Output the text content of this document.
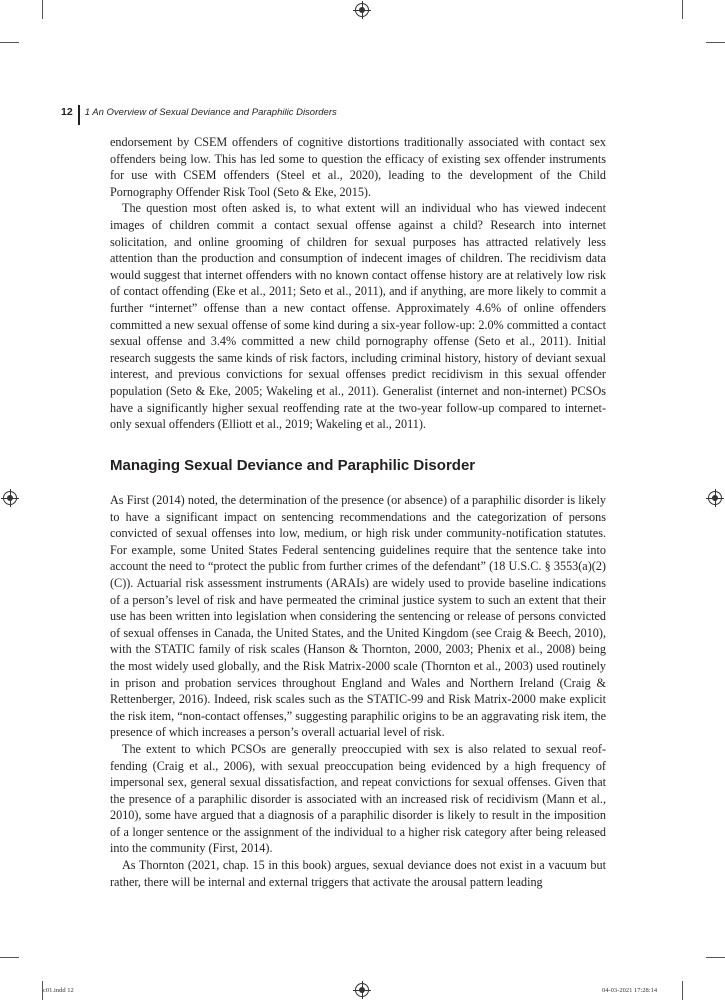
12 1 An Overview of Sexual Deviance and Paraphilic Disorders

endorsement by CSEM offenders of cognitive distortions traditionally associated with contact sex offenders being low. This has led some to question the efficacy of existing sex offender instruments for use with CSEM offenders (Steel et al., 2020), leading to the development of the Child Pornography Offender Risk Tool (Seto & Eke, 2015).

The question most often asked is, to what extent will an individual who has viewed indecent images of children commit a contact sexual offense against a child? Research into internet solicitation, and online grooming of children for sexual purposes has attracted relatively less attention than the production and consumption of indecent images of children. The recidivism data would suggest that internet offenders with no known contact offense history are at relatively low risk of contact offending (Eke et al., 2011; Seto et al., 2011), and if anything, are more likely to commit a further “internet” offense than a new contact offense. Approximately 4.6% of online offenders committed a new sexual offense of some kind during a six-year follow-up: 2.0% committed a contact sexual offense and 3.4% committed a new child pornography offense (Seto et al., 2011). Initial research suggests the same kinds of risk factors, including criminal history, history of deviant sexual interest, and previous convictions for sexual offenses predict recidivism in this sexual offender population (Seto & Eke, 2005; Wakeling et al., 2011). Generalist (internet and non-internet) PCSOs have a significantly higher sexual reoffending rate at the two-year follow-up compared to internet-only sexual offenders (Elliott et al., 2019; Wakeling et al., 2011).

Managing Sexual Deviance and Paraphilic Disorder

As First (2014) noted, the determination of the presence (or absence) of a paraphilic disorder is likely to have a significant impact on sentencing recommendations and the categorization of persons convicted of sexual offenses into low, medium, or high risk under community-notification statutes. For example, some United States Federal sentencing guidelines require that the sentence take into account the need to “protect the public from further crimes of the defendant” (18 U.S.C. § 3553(a)(2)(C)). Actuarial risk assessment instruments (ARAIs) are widely used to provide baseline indications of a person’s level of risk and have permeated the criminal justice system to such an extent that their use has been written into legislation when considering the sentencing or release of persons convicted of sexual offenses in Canada, the United States, and the United Kingdom (see Craig & Beech, 2010), with the STATIC family of risk scales (Hanson & Thornton, 2000, 2003; Phenix et al., 2008) being the most widely used globally, and the Risk Matrix-2000 scale (Thornton et al., 2003) used routinely in prison and probation services throughout England and Wales and Northern Ireland (Craig & Rettenberger, 2016). Indeed, risk scales such as the STATIC-99 and Risk Matrix-2000 make explicit the risk item, “non-contact offenses,” suggesting paraphilic origins to be an aggravating risk item, the presence of which increases a person’s overall actuarial level of risk.

The extent to which PCSOs are generally preoccupied with sex is also related to sexual reoffending (Craig et al., 2006), with sexual preoccupation being evidenced by a high frequency of impersonal sex, general sexual dissatisfaction, and repeat convictions for sexual offenses. Given that the presence of a paraphilic disorder is associated with an increased risk of recidivism (Mann et al., 2010), some have argued that a diagnosis of a paraphilic disorder is likely to result in the imposition of a longer sentence or the assignment of the individual to a higher risk category after being released into the community (First, 2014).

As Thornton (2021, chap. 15 in this book) argues, sexual deviance does not exist in a vacuum but rather, there will be internal and external triggers that activate the arousal pattern leading

c01.indd 12	04-03-2021 17:28:14
